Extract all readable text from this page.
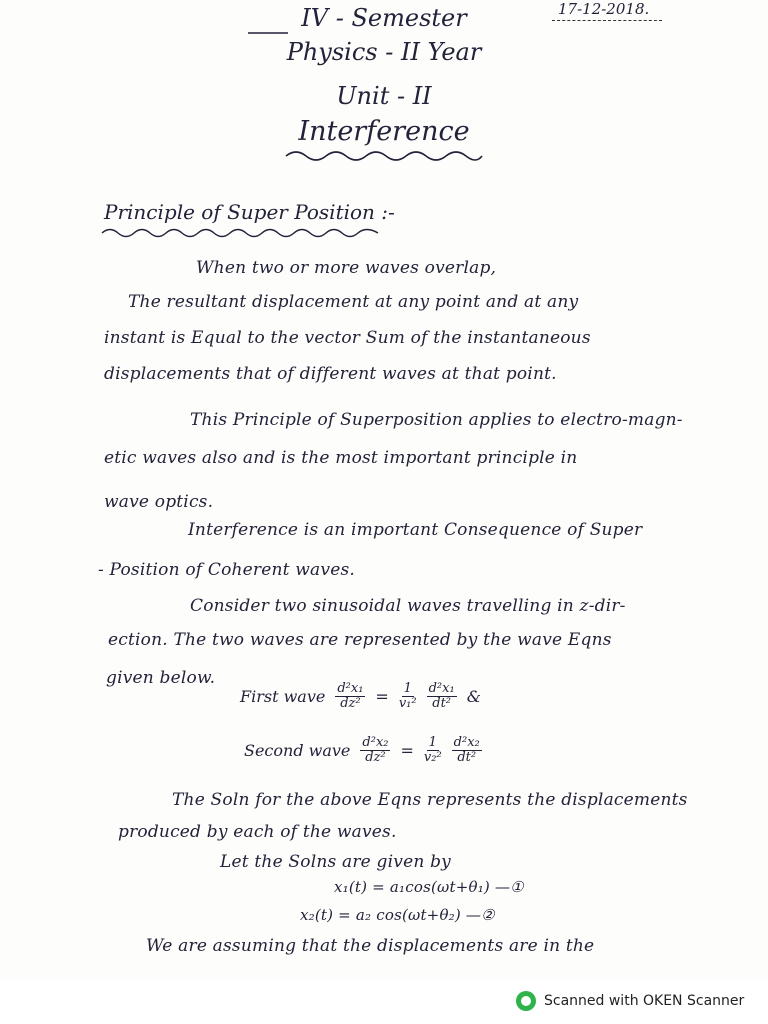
17-12-2018.
IV - Semester
Physics - II Year
Unit - II
Interference
Principle of Super Position :-
When two or more waves overlap,
The resultant displacement at any point and at any
instant is Equal to the vector Sum of the instantaneous
displacements that of different waves at that point.
This Principle of Superposition applies to electro-magn-
etic waves also and is the most important principle in
wave optics.
Interference is an important Consequence of Super
- Position of Coherent waves.
Consider two sinusoidal waves travelling in z-dir-
ection. The two waves are represented by the wave Eqns
given below.
First wave $\frac{\text{d²x₁}}{\text{dz²}} = \frac{1}{\text{v₁²}} \frac{\text{d²x₁}}{\text{dt²}}$ &
Second wave $\frac{\text{d²x₂}}{\text{dz²}} = \frac{1}{\text{v₂²}} \frac{\text{d²x₂}}{\text{dt²}}$
The Soln for the above Eqns represents the displacements
produced by each of the waves.
Let the Solns are given by
x₁(t) = a₁cos(ωt+θ₁) —①
x₂(t) = a₂ cos(ωt+θ₂) —②
We are assuming that the displacements are in the
Scanned with OKEN Scanner
